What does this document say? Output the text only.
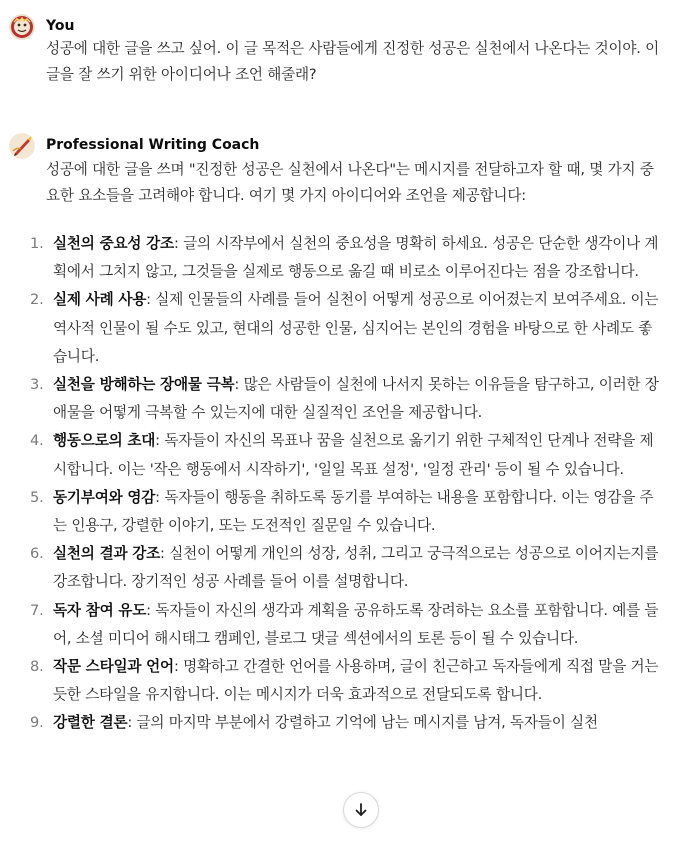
You
성공에 대한 글을 쓰고 싶어. 이 글 목적은 사람들에게 진정한 성공은 실천에서 나온다는 것이야. 이 글을 잘 쓰기 위한 아이디어나 조언 해줄래?
Professional Writing Coach
성공에 대한 글을 쓰며 "진정한 성공은 실천에서 나온다"는 메시지를 전달하고자 할 때, 몇 가지 중요한 요소들을 고려해야 합니다. 여기 몇 가지 아이디어와 조언을 제공합니다:
1. 실천의 중요성 강조: 글의 시작부에서 실천의 중요성을 명확히 하세요. 성공은 단순한 생각이나 계획에서 그치지 않고, 그것들을 실제로 행동으로 옮길 때 비로소 이루어진다는 점을 강조합니다.
2. 실제 사례 사용: 실제 인물들의 사례를 들어 실천이 어떻게 성공으로 이어졌는지 보여주세요. 이는 역사적 인물이 될 수도 있고, 현대의 성공한 인물, 심지어는 본인의 경험을 바탕으로 한 사례도 좋습니다.
3. 실천을 방해하는 장애물 극복: 많은 사람들이 실천에 나서지 못하는 이유들을 탐구하고, 이러한 장애물을 어떻게 극복할 수 있는지에 대한 실질적인 조언을 제공합니다.
4. 행동으로의 초대: 독자들이 자신의 목표나 꿈을 실천으로 옮기기 위한 구체적인 단계나 전략을 제시합니다. 이는 '작은 행동에서 시작하기', '일일 목표 설정', '일정 관리' 등이 될 수 있습니다.
5. 동기부여와 영감: 독자들이 행동을 취하도록 동기를 부여하는 내용을 포함합니다. 이는 영감을 주는 인용구, 강렬한 이야기, 또는 도전적인 질문일 수 있습니다.
6. 실천의 결과 강조: 실천이 어떻게 개인의 성장, 성취, 그리고 궁극적으로는 성공으로 이어지는지를 강조합니다. 장기적인 성공 사례를 들어 이를 설명합니다.
7. 독자 참여 유도: 독자들이 자신의 생각과 계획을 공유하도록 장려하는 요소를 포함합니다. 예를 들어, 소셜 미디어 해시태그 캠페인, 블로그 댓글 섹션에서의 토론 등이 될 수 있습니다.
8. 작문 스타일과 언어: 명확하고 간결한 언어를 사용하며, 글이 친근하고 독자들에게 직접 말을 거는 듯한 스타일을 유지합니다. 이는 메시지가 더욱 효과적으로 전달되도록 합니다.
9. 강렬한 결론: 글의 마지막 부분에서 강렬하고 기억에 남는 메시지를 남겨, 독자들이 실천
